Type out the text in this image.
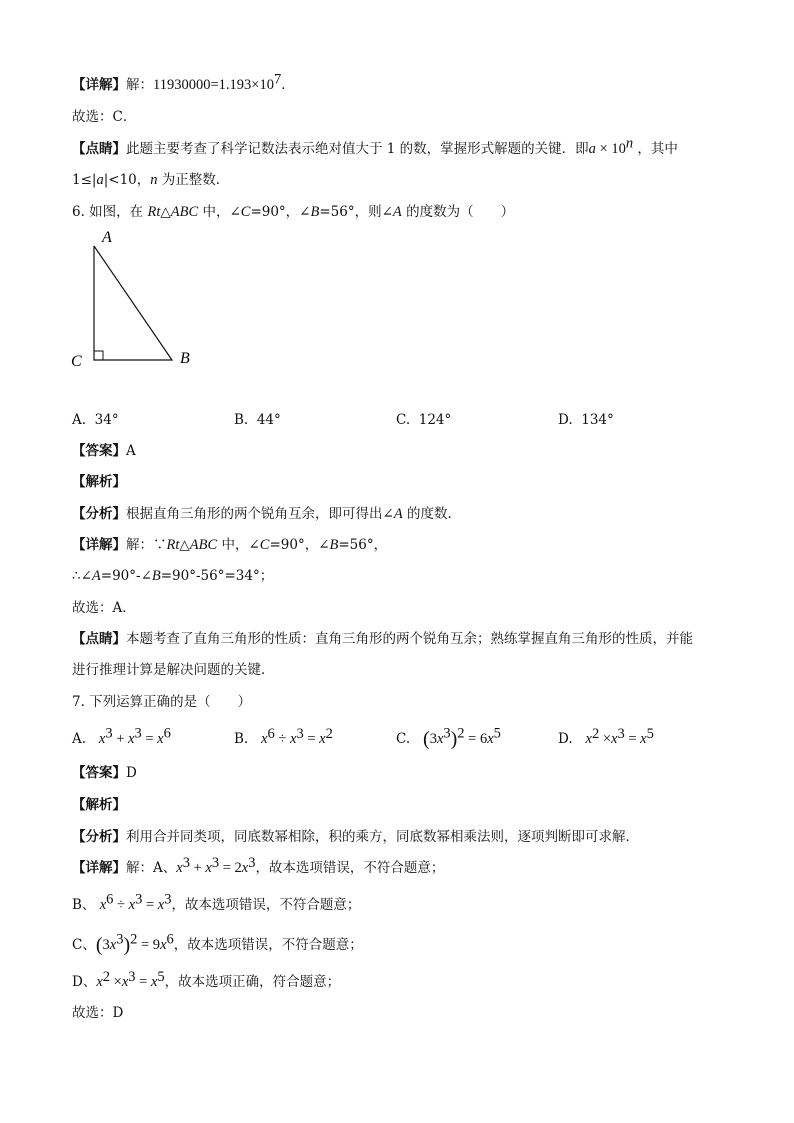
【详解】解：$11930000=1.193\times 10^7$．
故选：C．
【点睛】此题主要考查了科学记数法表示绝对值大于 1 的数，掌握形式解题的关键．即$a \times 10^n$ ，其中
1≤|a|<10，n 为正整数．
6. 如图，在 Rt△ABC 中，∠C=90°，∠B=56°，则∠A 的度数为（　　）
A
C	B
A. 34°	B. 44°	C. 124°	D. 134°
【答案】A
【解析】
【分析】根据直角三角形的两个锐角互余，即可得出∠A 的度数．
【详解】解：∵Rt△ABC 中，∠C=90°，∠B=56°，
∴∠A=90°-∠B=90°-56°=34°；
故选：A．
【点睛】本题考查了直角三角形的性质：直角三角形的两个锐角互余；熟练掌握直角三角形的性质，并能
进行推理计算是解决问题的关键．
7. 下列运算正确的是（　　）
A. $x^3 + x^3 = x^6$	B. $x^6 \div x^3 = x^2$	C. $(3x^3)^2 = 6x^5$	D. $x^2 \times x^3 = x^5$
【答案】D
【解析】
【分析】利用合并同类项，同底数幂相除，积的乘方，同底数幂相乘法则，逐项判断即可求解．
【详解】解：A、$x^3 + x^3 = 2x^3$，故本选项错误，不符合题意；
B、 $x^6 \div x^3 = x^3$，故本选项错误，不符合题意；
C、$(3x^3)^2 = 9x^6$，故本选项错误，不符合题意；
D、$x^2 \times x^3 = x^5$，故本选项正确，符合题意；
故选：D
